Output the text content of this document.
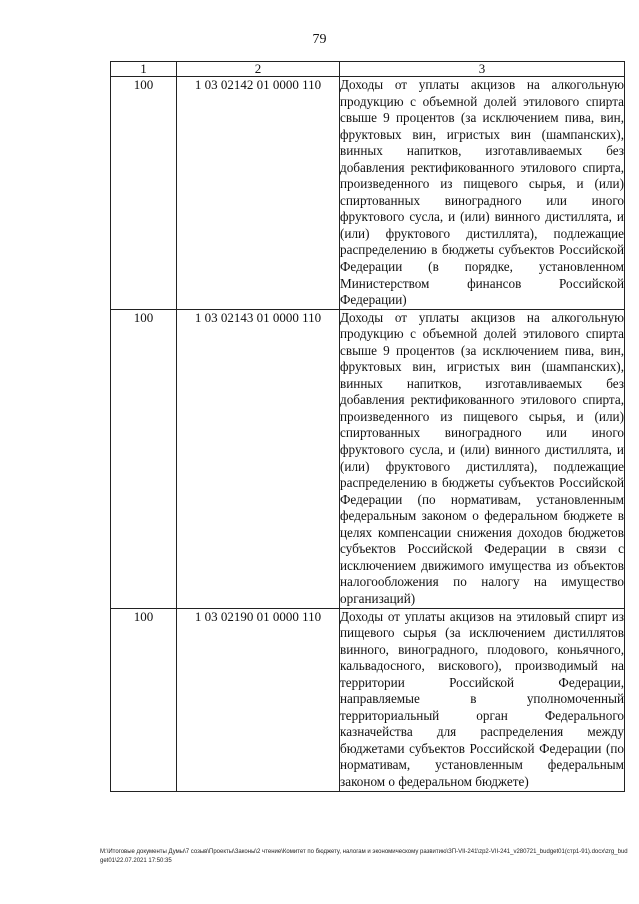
79
1	2	3
100	1 03 02142 01 0000 110	Доходы от уплаты акцизов на алкогольную продукцию с объемной долей этилового спирта свыше 9 процентов (за исключением пива, вин, фруктовых вин, игристых вин (шампанских), винных напитков, изготавливаемых без добавления ректификованного этилового спирта, произведенного из пищевого сырья, и (или) спиртованных виноградного или иного фруктового сусла, и (или) винного дистиллята, и (или) фруктового дистиллята), подлежащие распределению в бюджеты субъектов Российской Федерации (в порядке, установленном Министерством финансов Российской Федерации)

100	1 03 02143 01 0000 110	Доходы от уплаты акцизов на алкогольную продукцию с объемной долей этилового спирта свыше 9 процентов (за исключением пива, вин, фруктовых вин, игристых вин (шампанских), винных напитков, изготавливаемых без добавления ректификованного этилового спирта, произведенного из пищевого сырья, и (или) спиртованных виноградного или иного фруктового сусла, и (или) винного дистиллята, и (или) фруктового дистиллята), подлежащие распределению в бюджеты субъектов Российской Федерации (по нормативам, установленным федеральным законом о федеральном бюджете в целях компенсации снижения доходов бюджетов субъектов Российской Федерации в связи с исключением движимого имущества из объектов налогообложения по налогу на имущество организаций)

100	1 03 02190 01 0000 110	Доходы от уплаты акцизов на этиловый спирт из пищевого сырья (за исключением дистиллятов винного, виноградного, плодового, коньячного, кальвадосного, вискового), производимый на территории Российской Федерации, направляемые в уполномоченный территориальный орган Федерального казначейства для распределения между бюджетами субъектов Российской Федерации (по нормативам, установленным федеральным законом о федеральном бюджете)

М:\Итоговые документы Думы\7 созыв\Проекты\Законы\2 чтение\Комитет по бюджету, налогам и экономическому развитию\ЗП-VII-241\zp2-VII-241_v280721_budget01(стр1-91).docx\zrg_budget01\22.07.2021 17:50:35
